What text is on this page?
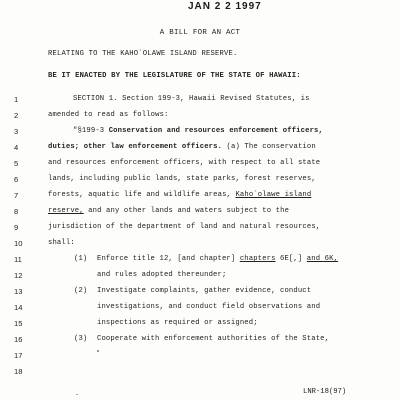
JAN 2 2 1997
A BILL FOR AN ACT
RELATING TO THE KAHO`OLAWE ISLAND RESERVE.
BE IT ENACTED BY THE LEGISLATURE OF THE STATE OF HAWAII:
1
2
3
4
5
6
7
8
9
10
11
12
13
14
15
16
17
18
SECTION 1. Section 199-3, Hawaii Revised Statutes, is
amended to read as follows:
"§199-3 Conservation and resources enforcement officers,
duties; other law enforcement officers. (a) The conservation
and resources enforcement officers, with respect to all state
lands, including public lands, state parks, forest reserves,
forests, aquatic life and wildlife areas, Kaho`olawe island
reserve, and any other lands and waters subject to the
jurisdiction of the department of land and natural resources,
shall:
(1) Enforce title 12, [and chapter] chapters 6E[,] and 6K,
and rules adopted thereunder;
(2) Investigate complaints, gather evidence, conduct
investigations, and conduct field observations and
inspections as required or assigned;
(3) Cooperate with enforcement authorities of the State,
LNR-18(97)
